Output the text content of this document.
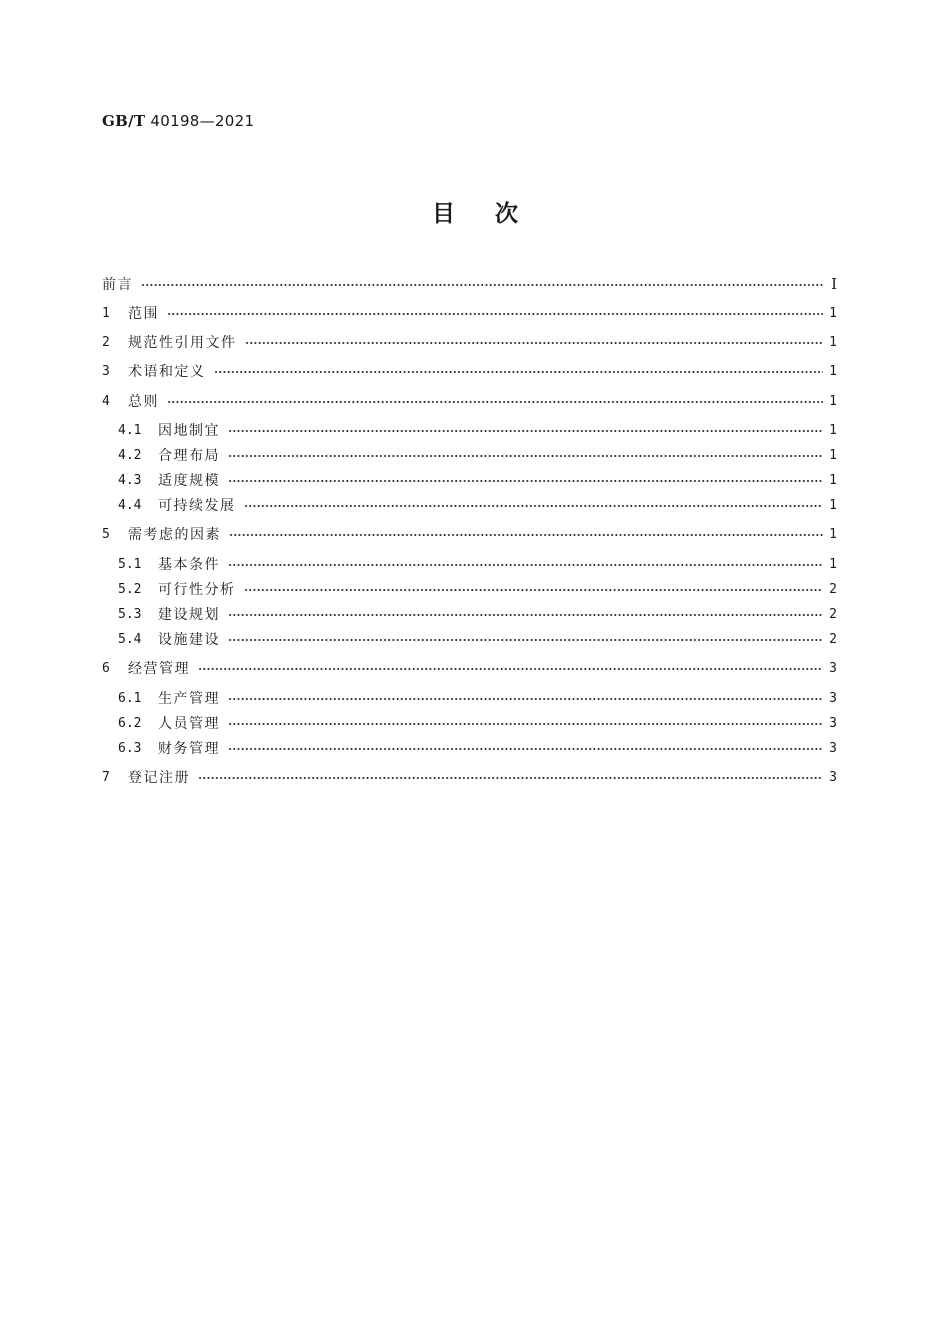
GB/T 40198—2021
目 次
前言	Ⅰ
1	范围	1
2	规范性引用文件	1
3	术语和定义	1
4	总则	1
4.1	因地制宜	1
4.2	合理布局	1
4.3	适度规模	1
4.4	可持续发展	1
5	需考虑的因素	1
5.1	基本条件	1
5.2	可行性分析	2
5.3	建设规划	2
5.4	设施建设	2
6	经营管理	3
6.1	生产管理	3
6.2	人员管理	3
6.3	财务管理	3
7	登记注册	3
